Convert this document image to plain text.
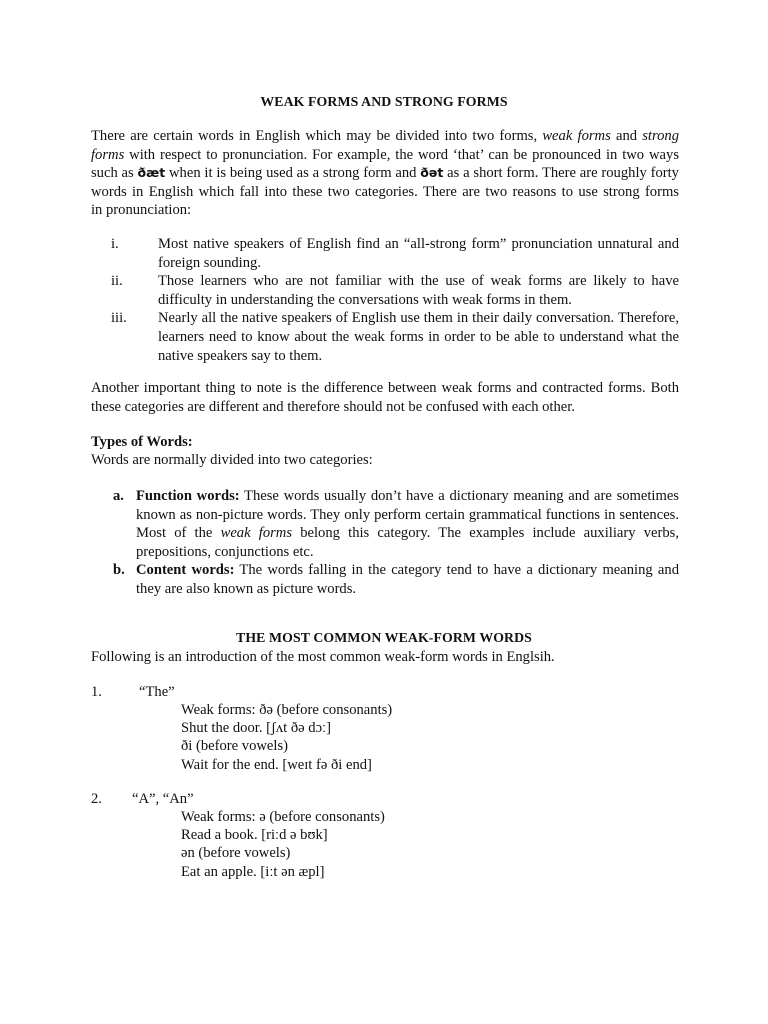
WEAK FORMS AND STRONG FORMS
There are certain words in English which may be divided into two forms, weak forms and strong
forms with respect to pronunciation. For example, the word ‘that’ can be pronounced in two ways
such as ðæt when it is being used as a strong form and ðət as a short form. There are roughly forty
words in English which fall into these two categories. There are two reasons to use strong forms
in pronunciation:
i.	Most native speakers of English find an “all-strong form” pronunciation unnatural and foreign sounding.
ii. Those learners who are not familiar with the use of weak forms are likely to have difficulty in understanding the conversations with weak forms in them.
iii. Nearly all the native speakers of English use them in their daily conversation. Therefore, learners need to know about the weak forms in order to be able to understand what the native speakers say to them.
Another important thing to note is the difference between weak forms and contracted forms. Both these categories are different and therefore should not be confused with each other.
Types of Words:
Words are normally divided into two categories:
a. Function words: These words usually don’t have a dictionary meaning and are sometimes known as non-picture words. They only perform certain grammatical functions in sentences. Most of the weak forms belong this category. The examples include auxiliary verbs, prepositions, conjunctions etc.
b. Content words: The words falling in the category tend to have a dictionary meaning and they are also known as picture words.
THE MOST COMMON WEAK-FORM WORDS
Following is an introduction of the most common weak-form words in Englsih.
1.	“The”
Weak forms: ðə (before consonants)
Shut the door. [ʃʌt ðə dɔː]
ði (before vowels)
Wait for the end. [weɪt fə ði end]
2. “A”, “An”
Weak forms: ə (before consonants)
Read a book. [riːd ə bʊk]
ən (before vowels)
Eat an apple. [iːt ən æpl]
